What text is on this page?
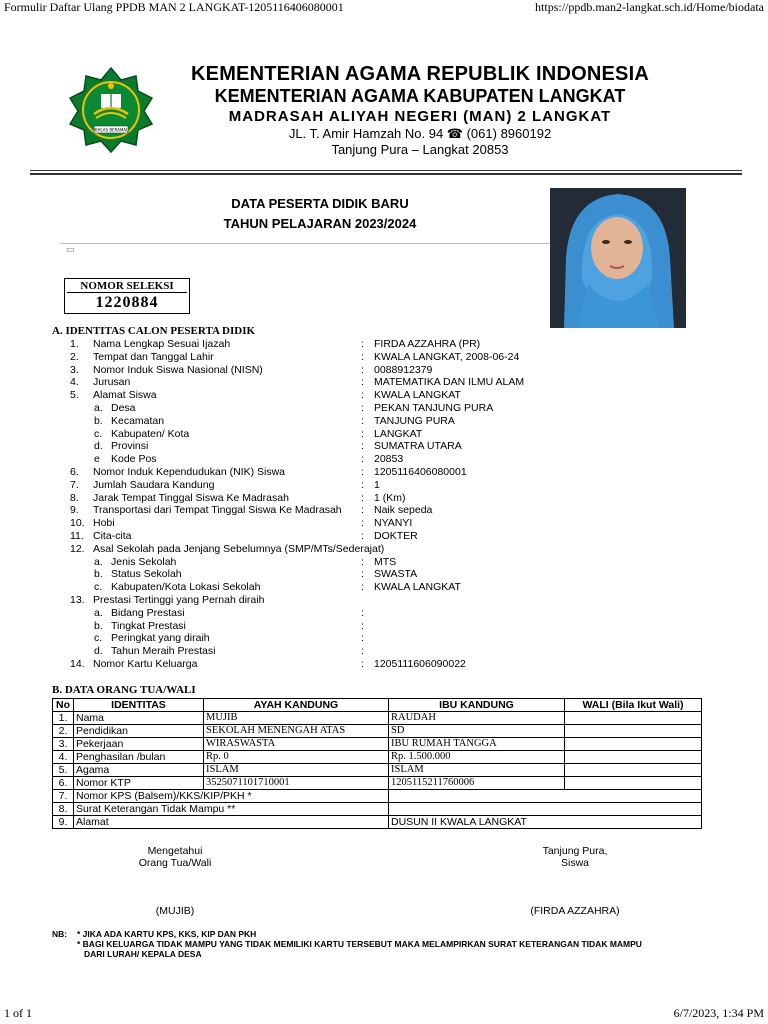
Formulir Daftar Ulang PPDB MAN 2 LANGKAT-1205116406080001	https://ppdb.man2-langkat.sch.id/Home/biodata
IKHLAS BERAMAL
KEMENTERIAN AGAMA REPUBLIK INDONESIA
KEMENTERIAN AGAMA KABUPATEN LANGKAT
MADRASAH ALIYAH NEGERI (MAN) 2 LANGKAT
JL. T. Amir Hamzah No. 94 ☎ (061) 8960192
Tanjung Pura – Langkat 20853
DATA PESERTA DIDIK BARU
TAHUN PELAJARAN 2023/2024
▭
NOMOR SELEKSI
1220884
A. IDENTITAS CALON PESERTA DIDIK
1. Nama Lengkap Sesuai Ijazah	: FIRDA AZZAHRA (PR)
2. Tempat dan Tanggal Lahir	: KWALA LANGKAT, 2008-06-24
3. Nomor Induk Siswa Nasional (NISN)	: 0088912379
4. Jurusan	: MATEMATIKA DAN ILMU ALAM
5. Alamat Siswa	: KWALA LANGKAT
a. Desa	: PEKAN TANJUNG PURA
b. Kecamatan	: TANJUNG PURA
c. Kabupaten/ Kota	: LANGKAT
d. Provinsi	: SUMATRA UTARA
e Kode Pos	: 20853
6. Nomor Induk Kependudukan (NIK) Siswa	: 1205116406080001
7. Jumlah Saudara Kandung	: 1
8. Jarak Tempat Tinggal Siswa Ke Madrasah	: 1 (Km)
9. Transportasi dari Tempat Tinggal Siswa Ke Madrasah : Naik sepeda
10. Hobi	: NYANYI
11. Cita-cita	: DOKTER
12. Asal Sekolah pada Jenjang Sebelumnya (SMP/MTs/Sederajat)
a. Jenis Sekolah	: MTS
b. Status Sekolah	: SWASTA
c. Kabupaten/Kota Lokasi Sekolah	: KWALA LANGKAT
13. Prestasi Tertinggi yang Pernah diraih
a. Bidang Prestasi	:
b. Tingkat Prestasi	:
c. Peringkat yang diraih	:
d. Tahun Meraih Prestasi	:
14. Nomor Kartu Keluarga	: 1205111606090022
B. DATA ORANG TUA/WALI
No	IDENTITAS	AYAH KANDUNG	IBU KANDUNG	WALI (Bila Ikut Wali)
1.	Nama	MUJIB	RAUDAH	
2.	Pendidikan	SEKOLAH MENENGAH ATAS	SD	
3.	Pekerjaan	WIRASWASTA	IBU RUMAH TANGGA	
4.	Penghasilan /bulan	Rp. 0	Rp. 1.500.000	
5.	Agama	ISLAM	ISLAM	
6.	Nomor KTP	3525071101710001	1205115211760006	
7.	Nomor KPS (Balsem)/KKS/KIP/PKH *			
8.	Surat Keterangan Tidak Mampu **			
9.	Alamat		DUSUN II KWALA LANGKAT	
Mengetahui
Orang Tua/Wali
(MUJIB)
Tanjung Pura,
Siswa
(FIRDA AZZAHRA)
NB: * JIKA ADA KARTU KPS, KKS, KIP DAN PKH
* BAGI KELUARGA TIDAK MAMPU YANG TIDAK MEMILIKI KARTU TERSEBUT MAKA MELAMPIRKAN SURAT KETERANGAN TIDAK MAMPU
DARI LURAH/ KEPALA DESA
1 of 1	6/7/2023, 1:34 PM
